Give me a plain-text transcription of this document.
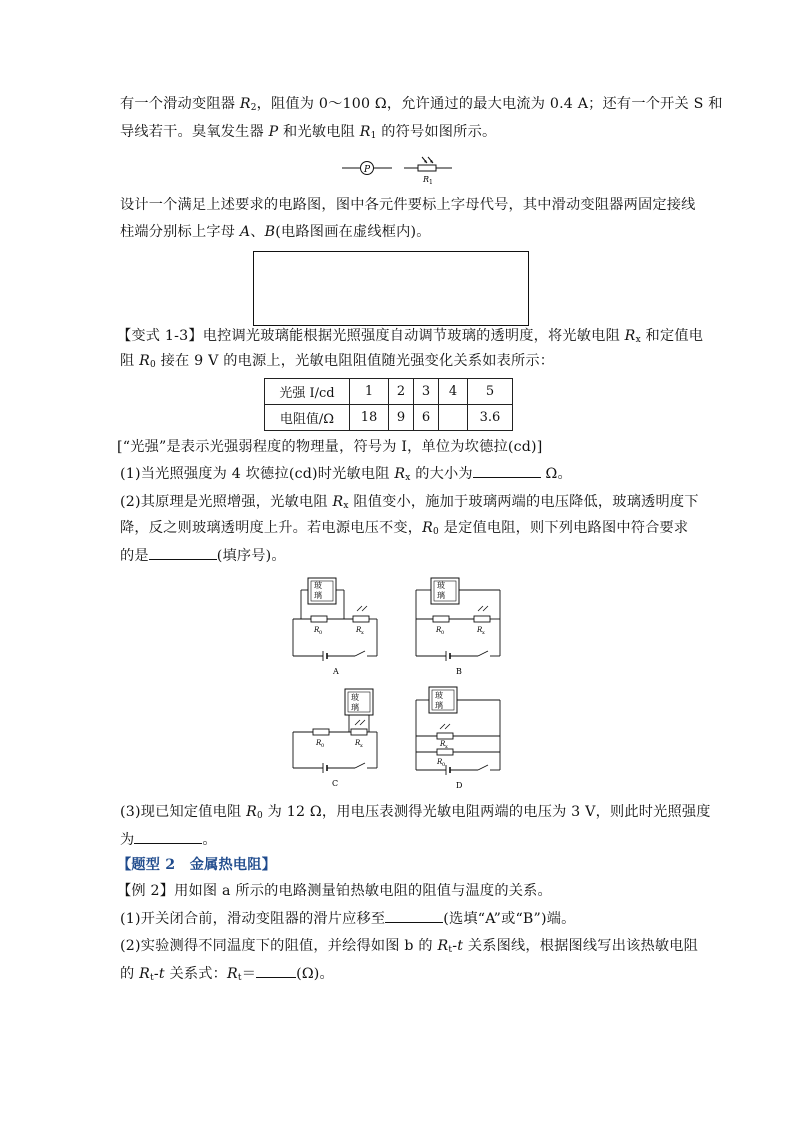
有一个滑动变阻器 $R_2$，阻值为 0～100 Ω，允许通过的最大电流为 0.4 A；还有一个开关 S 和
导线若干。臭氧发生器 P 和光敏电阻 $R_1$ 的符号如图所示。
P
R 1
设计一个满足上述要求的电路图，图中各元件要标上字母代号，其中滑动变阻器两固定接线
柱端分别标上字母 A、B(电路图画在虚线框内)。
【变式 1-3】电控调光玻璃能根据光照强度自动调节玻璃的透明度，将光敏电阻 $R_x$ 和定值电
阻 $R_0$ 接在 9 V 的电源上，光敏电阻阻值随光强变化关系如表所示：
光强 I/cd	1	2	3	4	5
电阻值/Ω	18	9	6		3.6
[“光强”是表示光强弱程度的物理量，符号为 I，单位为坎德拉(cd)]
(1)当光照强度为 4 坎德拉(cd)时光敏电阻 $R_x$ 的大小为	Ω。
(2)其原理是光照增强，光敏电阻 $R_x$ 阻值变小，施加于玻璃两端的电压降低，玻璃透明度下
降，反之则玻璃透明度上升。若电源电压不变，$R_0$ 是定值电阻，则下列电路图中符合要求
的是	(填序号)。
玻
璃
R 0	R x
A
玻
璃
R 0	R x
B
玻
璃
R 0	R x
C
玻
璃
R x
R 0
D
(3)现已知定值电阻 $R_0$ 为 12 Ω，用电压表测得光敏电阻两端的电压为 3 V，则此时光照强度
为	。
【题型 2　金属热电阻】
【例 2】用如图 a 所示的电路测量铂热敏电阻的阻值与温度的关系。
(1)开关闭合前，滑动变阻器的滑片应移至	(选填“A”或“B”)端。
(2)实验测得不同温度下的阻值，并绘得如图 b 的 $R_t-t$ 关系图线，根据图线写出该热敏电阻
的 $R_t-t$ 关系式：$R_t=$	(Ω)。
